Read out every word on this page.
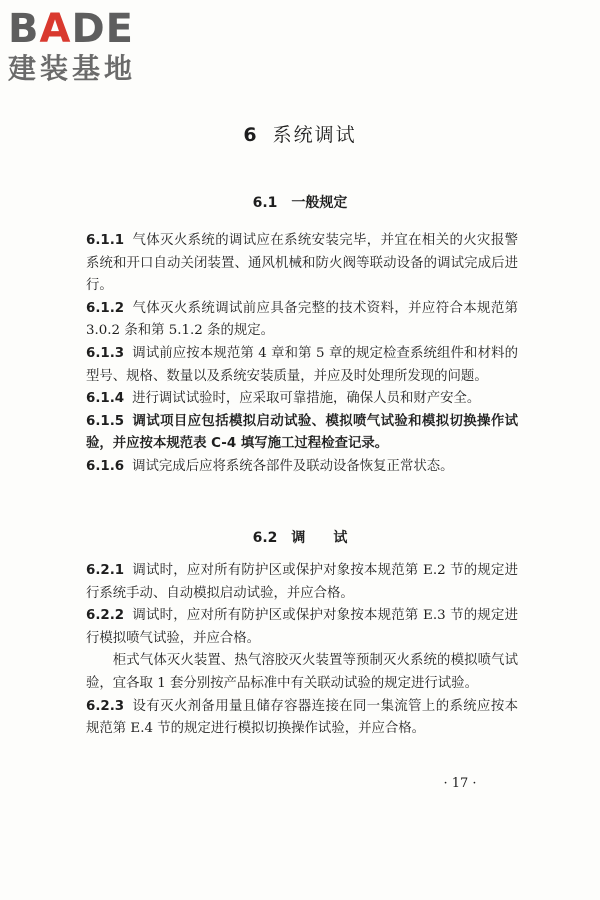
BADE
建装基地
6 系统调试
6.1 一般规定

6.1.1 气体灭火系统的调试应在系统安装完毕，并宜在相关的火灾报警系统和开口自动关闭装置、通风机械和防火阀等联动设备的调试完成后进行。

6.1.2 气体灭火系统调试前应具备完整的技术资料，并应符合本规范第 3.0.2 条和第 5.1.2 条的规定。

6.1.3 调试前应按本规范第 4 章和第 5 章的规定检查系统组件和材料的型号、规格、数量以及系统安装质量，并应及时处理所发现的问题。

6.1.4 进行调试试验时，应采取可靠措施，确保人员和财产安全。

6.1.5 调试项目应包括模拟启动试验、模拟喷气试验和模拟切换操作试验，并应按本规范表 C-4 填写施工过程检查记录。

6.1.6 调试完成后应将系统各部件及联动设备恢复正常状态。

6.2 调　　试

6.2.1 调试时，应对所有防护区或保护对象按本规范第 E.2 节的规定进行系统手动、自动模拟启动试验，并应合格。

6.2.2 调试时，应对所有防护区或保护对象按本规范第 E.3 节的规定进行模拟喷气试验，并应合格。

柜式气体灭火装置、热气溶胶灭火装置等预制灭火系统的模拟喷气试验，宜各取 1 套分别按产品标准中有关联动试验的规定进行试验。

6.2.3 设有灭火剂备用量且储存容器连接在同一集流管上的系统应按本规范第 E.4 节的规定进行模拟切换操作试验，并应合格。

· 17 ·
